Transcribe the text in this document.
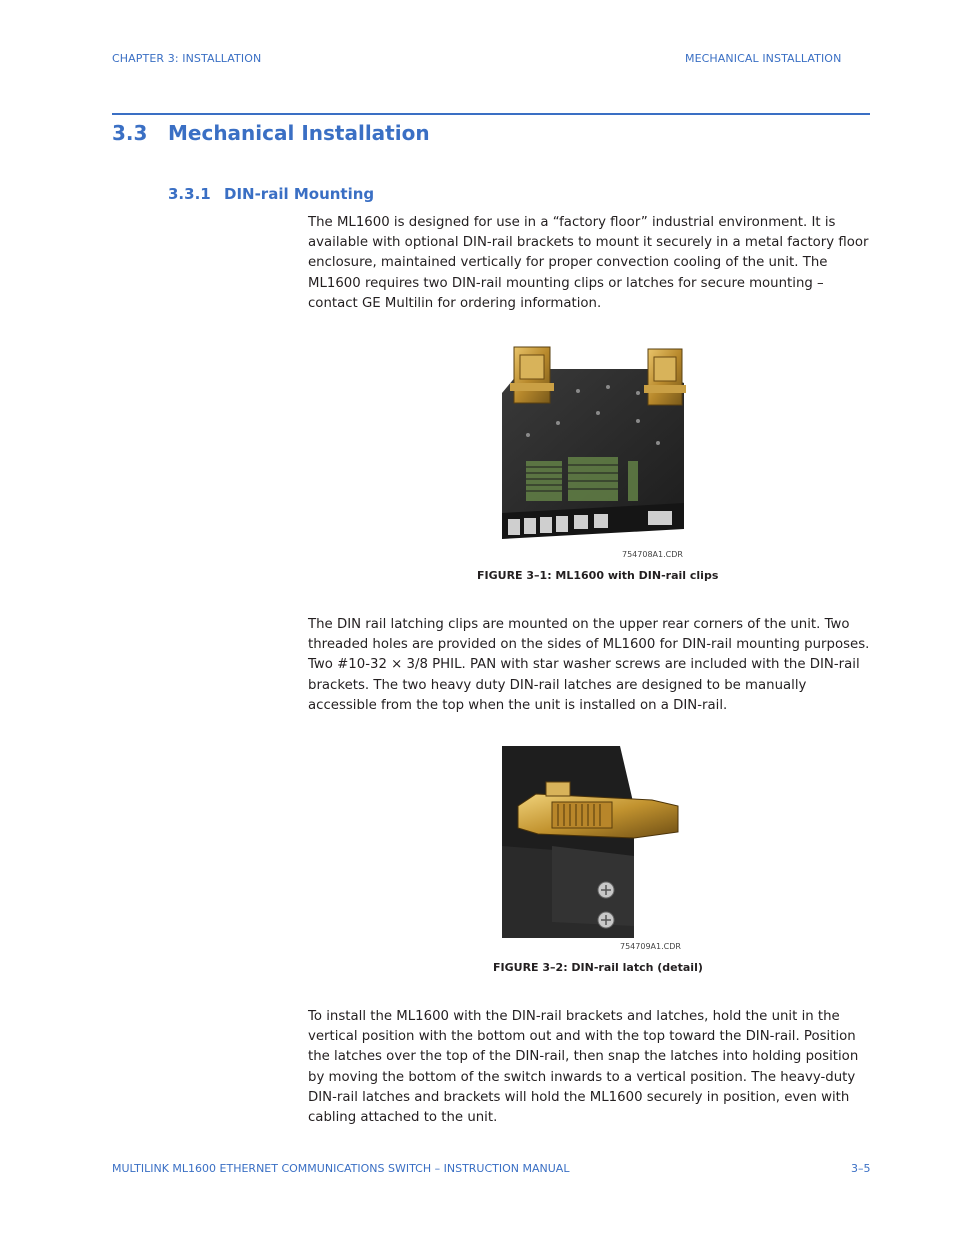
CHAPTER 3: INSTALLATION	MECHANICAL INSTALLATION
3.3 Mechanical Installation
3.3.1 DIN-rail Mounting
The ML1600 is designed for use in a “factory floor” industrial environment. It is available with optional DIN-rail brackets to mount it securely in a metal factory floor enclosure, maintained vertically for proper convection cooling of the unit. The ML1600 requires two DIN-rail mounting clips or latches for secure mounting – contact GE Multilin for ordering information.
754708A1.CDR
FIGURE 3–1: ML1600 with DIN-rail clips
The DIN rail latching clips are mounted on the upper rear corners of the unit. Two threaded holes are provided on the sides of ML1600 for DIN-rail mounting purposes. Two #10-32 × 3/8 PHIL. PAN with star washer screws are included with the DIN-rail brackets. The two heavy duty DIN-rail latches are designed to be manually accessible from the top when the unit is installed on a DIN-rail.
754709A1.CDR
FIGURE 3–2: DIN-rail latch (detail)
To install the ML1600 with the DIN-rail brackets and latches, hold the unit in the vertical position with the bottom out and with the top toward the DIN-rail. Position the latches over the top of the DIN-rail, then snap the latches into holding position by moving the bottom of the switch inwards to a vertical position. The heavy-duty DIN-rail latches and brackets will hold the ML1600 securely in position, even with cabling attached to the unit.
MULTILINK ML1600 ETHERNET COMMUNICATIONS SWITCH – INSTRUCTION MANUAL	3–5
